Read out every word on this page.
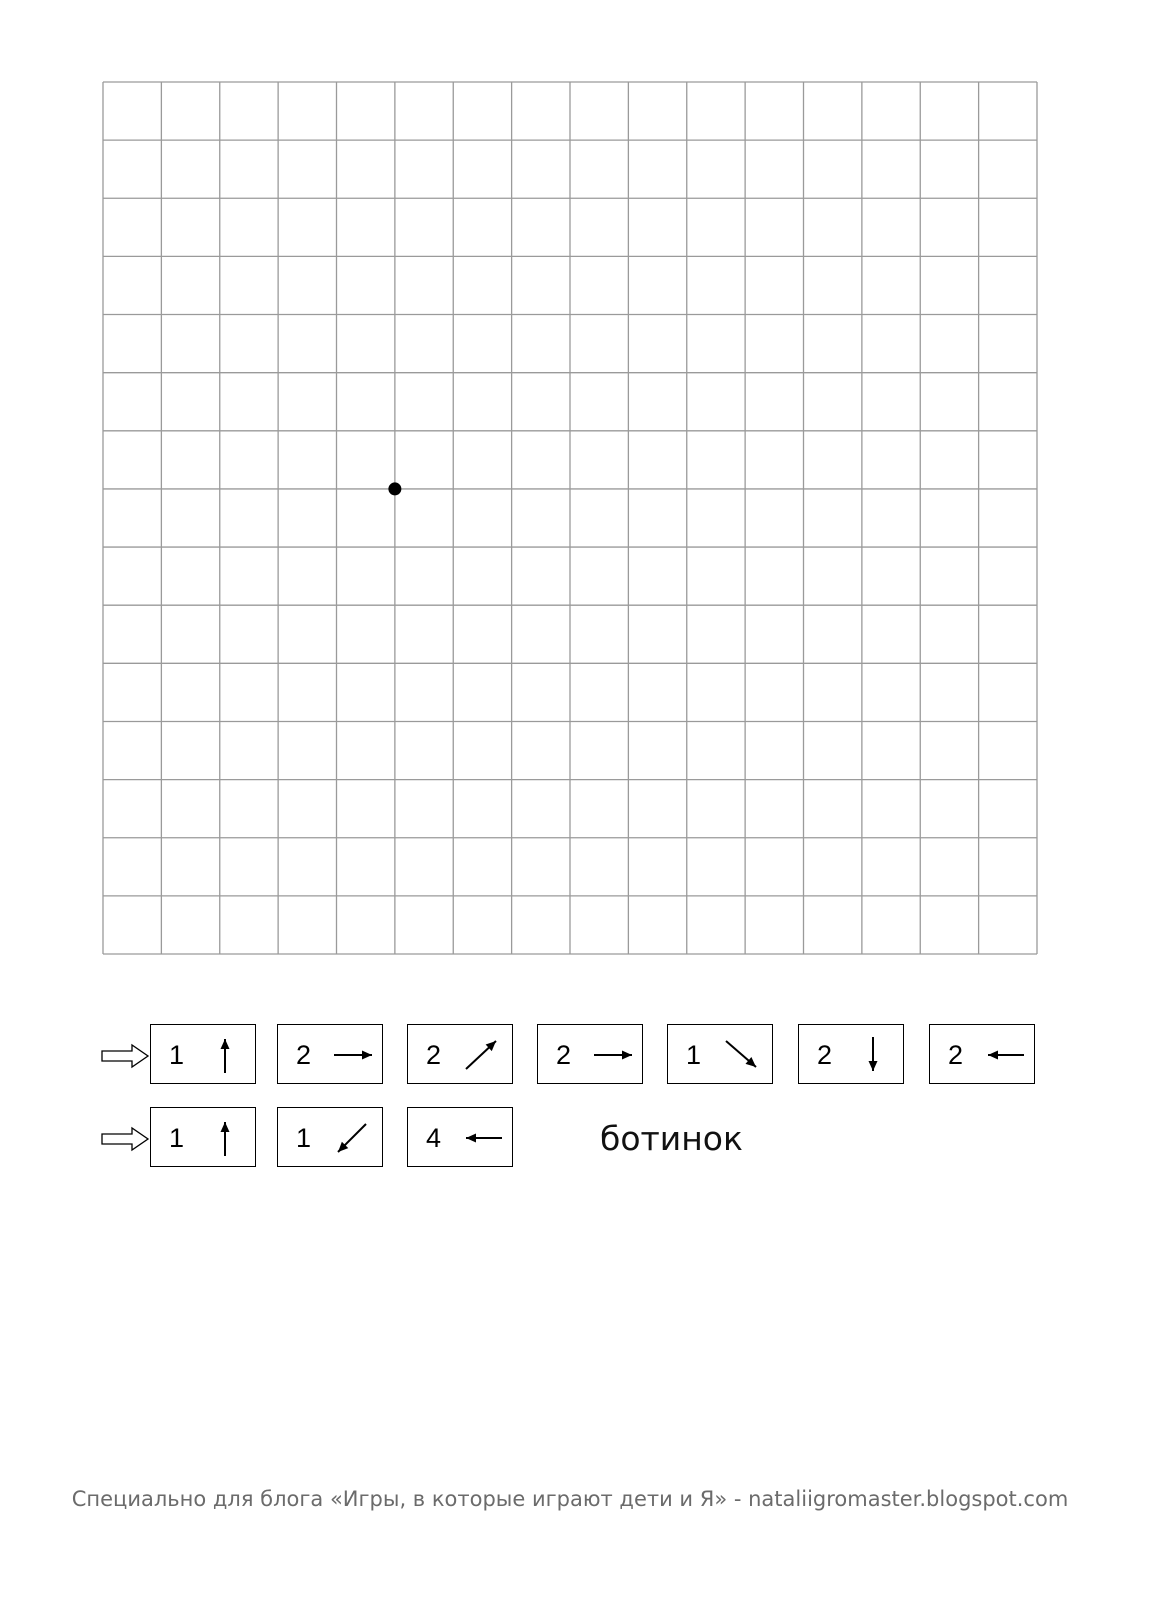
1	2	2	2	1	2	2
1	1	4	ботинок
Специально для блога «Игры, в которые играют дети и Я» - nataliigromaster.blogspot.com
